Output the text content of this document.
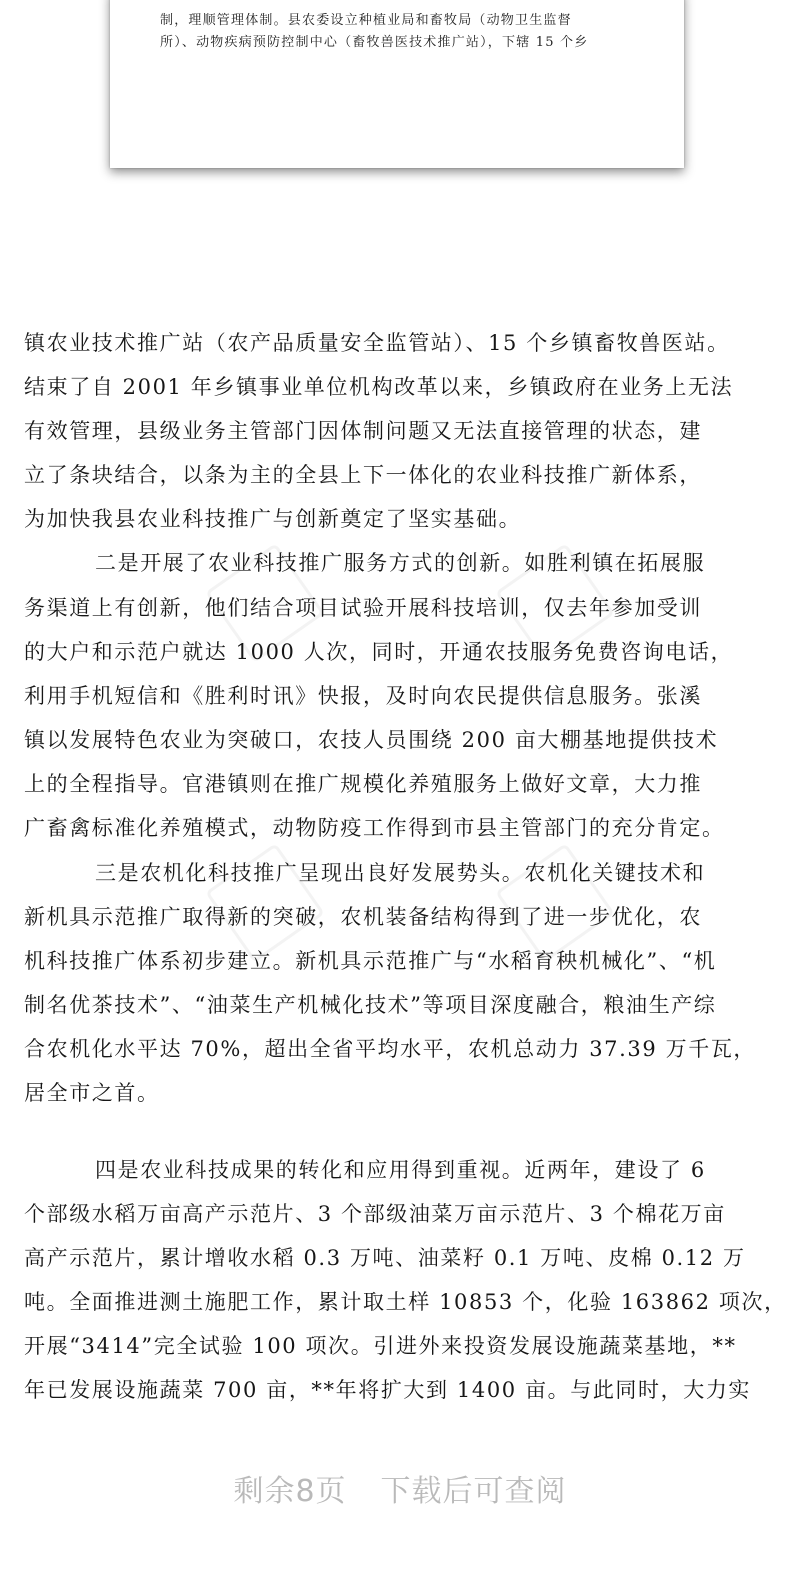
制，理顺管理体制。县农委设立种植业局和畜牧局（动物卫生监督
所）、动物疾病预防控制中心（畜牧兽医技术推广站），下辖 15 个乡
镇农业技术推广站（农产品质量安全监管站）、15 个乡镇畜牧兽医站。
结束了自 2001 年乡镇事业单位机构改革以来，乡镇政府在业务上无法
有效管理，县级业务主管部门因体制问题又无法直接管理的状态，建
立了条块结合，以条为主的全县上下一体化的农业科技推广新体系，
为加快我县农业科技推广与创新奠定了坚实基础。
二是开展了农业科技推广服务方式的创新。如胜利镇在拓展服
务渠道上有创新，他们结合项目试验开展科技培训，仅去年参加受训
的大户和示范户就达 1000 人次，同时，开通农技服务免费咨询电话，
利用手机短信和《胜利时讯》快报，及时向农民提供信息服务。张溪
镇以发展特色农业为突破口，农技人员围绕 200 亩大棚基地提供技术
上的全程指导。官港镇则在推广规模化养殖服务上做好文章，大力推
广畜禽标准化养殖模式，动物防疫工作得到市县主管部门的充分肯定。
三是农机化科技推广呈现出良好发展势头。农机化关键技术和
新机具示范推广取得新的突破，农机装备结构得到了进一步优化，农
机科技推广体系初步建立。新机具示范推广与“水稻育秧机械化”、“机
制名优茶技术”、“油菜生产机械化技术”等项目深度融合，粮油生产综
合农机化水平达 70%，超出全省平均水平，农机总动力 37.39 万千瓦，
居全市之首。
四是农业科技成果的转化和应用得到重视。近两年，建设了 6
个部级水稻万亩高产示范片、3 个部级油菜万亩示范片、3 个棉花万亩
高产示范片，累计增收水稻 0.3 万吨、油菜籽 0.1 万吨、皮棉 0.12 万
吨。全面推进测土施肥工作，累计取土样 10853 个，化验 163862 项次，
开展“3414”完全试验 100 项次。引进外来投资发展设施蔬菜基地，**
年已发展设施蔬菜 700 亩，**年将扩大到 1400 亩。与此同时，大力实
剩余8页 下载后可查阅
